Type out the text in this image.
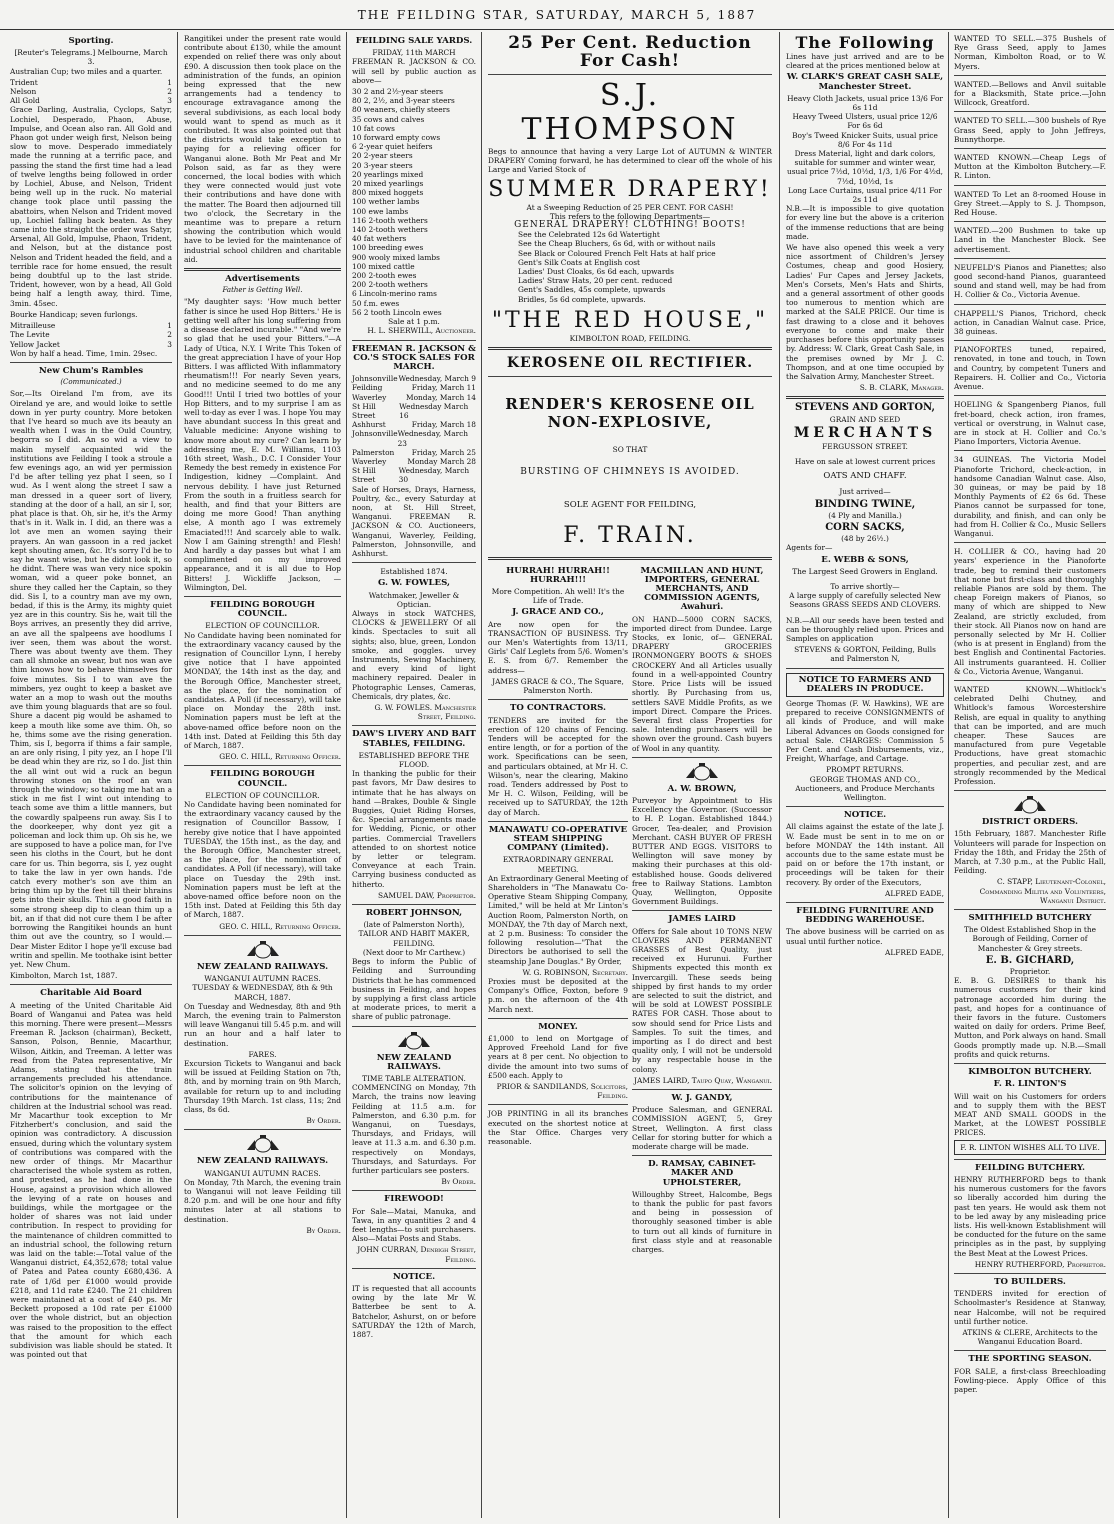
THE FEILDING STAR, SATURDAY, MARCH 5, 1887
Sporting.
[Reuter's Telegrams.] Melbourne, March 3.
Australian Cup; two miles and a quarter.
Trident	1
Nelson	2
All Gold	3
Grace Darling, Australia, Cyclops, Satyr, Lochiel, Desperado, Phaon, Abuse, Impulse, and Ocean also ran. All Gold and Phaon got under weigh first, Nelson being slow to move. Desperado immediately made the running at a terrific pace, and passing the stand the first time had a lead of twelve lengths being followed in order by Lochiel, Abuse, and Nelson, Trident being well up in the ruck. No material change took place until passing the abattoirs, when Nelson and Trident moved up, Lochiel falling back beaten. As they came into the straight the order was Satyr, Arsenal, All Gold, Impulse, Phaon, Trident, and Nelson, but at the distance post Nelson and Trident headed the field, and a terrible race for home ensued, the result being doubtful up to the last stride. Trident, however, won by a head, All Gold being half a length away, third. Time, 3min. 45sec.
Bourke Handicap; seven furlongs.
Mitrailleuse	1
The Levite	2
Yellow Jacket	3
Won by half a head. Time, 1min. 29sec.
New Chum's Rambles
(Communicated.)
Sor,—Its Oireland I'm from, ave its Oireland ye are, and would loike to settle down in yer purty country. More betoken that I've heard so much ave its beauty an wealth when I was in the Ould Country, begorra so I did. An so wid a view to makin myself acquainted wid the institutions ave Feilding I took a stroule a few evenings ago, an wid yer permission I'd be after telling yez phat I seen, so I wud. As I went along the street I saw a man dressed in a queer sort of livery, standing at the door of a hall, an sir I, sor, phat place is that. Oh, sir he, it's the Army that's in it. Walk in. I did, an there was a lot ave men an women saying their prayers. An wan gassoon in a red jacket kept shouting amen, &c. It's sorry I'd be to say he wasnt wise, but he didnt look it, so he didnt. There was wan very nice spokin woman, wid a queer poke bonnet, an shure they called her the Captain, so they did. Sis I, to a country man ave my own, bedad, if this is the Army, its mighty quiet yez are in this country. Sis he, wait till the Boys arrives, an presently they did arrive, an ave all the spalpeens ave hoodlums I iver seen, them was about the worst. There was about twenty ave them. They can all shmoke an swear, but nos wan ave thim knows how to behave thimselves for foive minutes. Sis I to wan ave the mimbers, yez ought to keep a basket ave water an a mop to wash out the mouths ave thim young blaguards that are so foul. Shure a dacent pig would be ashamed to keep a mouth like some ave thim. Oh, so he, thims some ave the rising generation. Thim, sis I, begorra if thims a fair sample, an are only rising, I pity yez, an I hope I'll be dead whin they are riz, so I do. Jist thin the all wint out wid a ruck an begun throwing stones on the roof an wan through the window; so taking me hat an a stick in me fist I wint out intending to teach some ave thim a little manners, but the cowardly spalpeens run away. Sis I to the doorkeeper, why dont yez git a policeman and lock thim up. Oh sis he, we are supposed to have a police man, for I've seen his cloths in the Court, but he dont care for us. Thin begorra, sis I, yez ought to take the law in yer own hands. I'de catch every mother's son ave thim an bring thim up by the feet till their bhrains gets into their skulls. Thin a good faith in some strong sheep dip to clean thim up a bit, an if that did not cure them I be after borrowing the Rangitikei hounds an hunt thim out ave the country, so I would.—Dear Mister Editor I hope ye'll excuse bad writin and spellin. Me toothake isint better yet. New Chum.
Kimbolton, March 1st, 1887.
Charitable Aid Board
A meeting of the United Charitable Aid Board of Wanganui and Patea was held this morning. There were present—Messrs Freeman R. Jackson (chairman), Beckett, Sanson, Polson, Bennie, Macarthur, Wilson, Aitkin, and Treeman. A letter was read from the Patea representative, Mr Adams, stating that the train arrangements precluded his attendance. The solicitor's opinion on the levying of contributions for the maintenance of children at the Industrial school was read. Mr Macarthur took exception to Mr Fitzherbert's conclusion, and said the opinion was contradictory. A discussion ensued, during which the voluntary system of contributions was compared with the new order of things. Mr Macarthur characterised the whole system as rotten, and protested, as he had done in the House, against a provision which allowed the levying of a rate on houses and buildings, while the mortgagee or the holder of shares was not laid under contribution. In respect to providing for the maintenance of children committed to an industrial school, the following return was laid on the table:—Total value of the Wanganui district, £4,352,678; total value of Patea and Patea county £680,436. A rate of 1/6d per £1000 would provide £218, and 11d rate £240. The 21 children were maintained at a cost of £40 ps. Mr Beckett proposed a 10d rate per £1000 over the whole district, but an objection was raised to the proposition to the effect that the amount for which each subdivision was liable should be stated. It was pointed out that
Rangitikei under the present rate would contribute about £130, while the amount expended on relief there was only about £90. A discussion then took place on the administration of the funds, an opinion being expressed that the new arrangements had a tendency to encourage extravagance among the several subdivisions, as each local body would want to spend as much as it contributed. It was also pointed out that the districts would take exception to paying for a relieving officer for Wanganui alone. Both Mr Peat and Mr Polson said, as far as they were concerned, the local bodies with which they were connected would just vote their contributions and have done with the matter. The Board then adjourned till two o'clock, the Secretary in the meantime was to prepare a return showing the contribution which would have to be levied for the maintenance of industrial school children and charitable aid.
Advertisements
Father is Getting Well.
"My daughter says: 'How much better father is since he used Hop Bitters.' He is getting well after his long suffering from a disease declared incurable." "And we're so glad that he used your Bitters."—A Lady of Utica, N.Y. I Write This Token of the great appreciation I have of your Hop Bitters. I was afflicted With inflammatory rheumatism!!! For nearly Seven years, and no medicine seemed to do me any Good!!! Until I tried two bottles of your Hop Bitters, and to my surprise I am as well to-day as ever I was. I hope You may have abundant success In this great and Valuable medicine: Anyone wishing to know more about my cure? Can learn by addressing me, E. M. Williams, 1103 16th street, Wash., D.C. I Consider Your Remedy the best remedy in existence For Indigestion, kidney —Complaint. And nervous debility. I have just Returned From the south in a fruitless search for health, and find that your Bitters are doing me more Good! Than anything else, A month ago I was extremely Emaciated!!! And scarcely able to walk. Now I am Gaining strength! and Flesh! And hardly a day passes but what I am complimented on my improved appearance, and it is all due to Hop Bitters! J. Wickliffe Jackson, —Wilmington, Del.
FEILDING BOROUGH COUNCIL.
ELECTION OF COUNCILLOR.
No Candidate having been nominated for the extraordinary vacancy caused by the resignation of Councillor Lynn, I hereby give notice that I have appointed MONDAY, the 14th inst as the day, and the Borough Office, Manchester street, as the place, for the nomination of candidates. A Poll (if necessary), will take place on Monday the 28th inst. Nomination papers must be left at the above-named office before noon on the 14th inst. Dated at Feilding this 5th day of March, 1887.
GEO. C. HILL, Returning Officer.
FEILDING BOROUGH COUNCIL.
ELECTION OF COUNCILLOR.
No Candidate having been nominated for the extraordinary vacancy caused by the resignation of Councillor Bassow, I hereby give notice that I have appointed TUESDAY, the 15th inst., as the day, and the Borough Office, Manchester street, as the place, for the nomination of candidates. A Poll (if necessary), will take place on Tuesday the 29th inst. Nomination papers must be left at the above-named office before noon on the 15th inst. Dated at Feilding this 5th day of March, 1887.
GEO. C. HILL, Returning Officer.
NEW ZEALAND RAILWAYS.
WANGANUI AUTUMN RACES.
TUESDAY & WEDNESDAY, 8th & 9th MARCH, 1887.
On Tuesday and Wednesday, 8th and 9th March, the evening train to Palmerston will leave Wanganui till 5.45 p.m. and will run an hour and a half later to destination.
FARES.
Excursion Tickets to Wanganui and back will be issued at Feilding Station on 7th, 8th, and by morning train on 9th March, available for return up to and including Thursday 19th March. 1st class, 11s; 2nd class, 8s 6d.
By Order.
NEW ZEALAND RAILWAYS.
WANGANUI AUTUMN RACES.
On Monday, 7th March, the evening train to Wanganui will not leave Feilding till 8.20 p.m. and will be one hour and fifty minutes later at all stations to destination.
By Order.
FEILDING SALE YARDS.
FRIDAY, 11th MARCH
FREEMAN R. JACKSON & CO. will sell by public auction as above—
30 2 and 2½-year steers
80 2, 2½, and 3-year steers
80 weaners, chiefly steers
35 cows and calves
10 fat cows
10 forward empty cows
6 2-year quiet heifers
20 2-year steers
20 3-year steers
20 yearlings mixed
20 mixed yearlings
800 mixed hoggets
100 wether lambs
100 ewe lambs
116 2-tooth wethers
140 2-tooth wethers
40 fat wethers
100 breeding ewes
900 wooly mixed lambs
100 mixed cattle
200 2-tooth ewes
200 2-tooth wethers
6 Lincoln-merino rams
50 f.m. ewes
56 2 tooth Lincoln ewes
Sale at 1 p.m.
H. L. SHERWILL, Auctioneer.
FREEMAN R. JACKSON & CO.'S STOCK SALES FOR MARCH.
Johnsonville Wednesday, March 9
Feilding	Friday, March 11
Waverley	Monday, March 14
St Hill Street
Wednesday March 16
Ashhurst	Friday, March 18
Johnsonville Wednesday, March 23
Palmerston Friday, March 25
Waverley	Monday March 28
St Hill Street
Wednesday, March 30
Sale of Horses, Drays, Harness, Poultry, &c., every Saturday at noon, at St. Hill Street, Wanganui. FREEMAN R. JACKSON & CO. Auctioneers, Wanganui, Waverley, Feilding, Palmerston, Johnsonville, and Ashhurst.
Established 1874.
G. W. FOWLES,
Watchmaker, Jeweller & Optician.
Always in stock WATCHES, CLOCKS & JEWELLERY Of all kinds. Spectacles to suit all sights; also, blue, green, London smoke, and goggles. urvey Instruments, Sewing Machinery, and every kind of light machinery repaired. Dealer in Photographic Lenses, Cameras, Chemicals, dry plates, &c.
G. W. FOWLES. Manchester Street, Feilding.
DAW'S LIVERY AND BAIT STABLES, FEILDING.
ESTABLISHED BEFORE THE FLOOD.
In thanking the public for their past favors, Mr Daw desires to intimate that he has always on hand —Brakes, Double & Single Buggies, Quiet Riding Horses, &c. Special arrangements made for Wedding, Picnic, or other parties. Commercial Travellers attended to on shortest notice by letter or telegram. Conveyance at each Train. Carrying business conducted as hitherto.
SAMUEL DAW, Proprietor.
ROBERT JOHNSON,
(late of Palmerston North), TAILOR AND HABIT MAKER, FEILDING.
(Next door to Mr Carthew.)
Begs to inform the Public of Feilding and Surrounding Districts that he has commenced business in Feilding, and hopes by supplying a first class article at moderate prices, to merit a share of public patronage.
NEW ZEALAND RAILWAYS.
TIME TABLE ALTERATION.
COMMENCING on Monday, 7th March, the trains now leaving Feilding at 11.5 a.m. for Palmerston, and 6.30 p.m. for Wanganui, on Tuesdays, Thursdays, and Fridays, will leave at 11.3 a.m. and 6.30 p.m. respectively on Mondays, Thursdays, and Saturdays. For further particulars see posters.
By Order.
FIREWOOD!
For Sale—Matai, Manuka, and Tawa, in any quantities 2 and 4 feet lengths—to suit purchasers. Also—Matai Posts and Stabs.
JOHN CURRAN, Denbigh Street, Feilding.
NOTICE.
IT is requested that all accounts owing by the late Mr W. Batterbee be sent to A. Batchelor, Ashurst, on or before SATURDAY the 12th of March, 1887.
25 Per Cent. Reduction For Cash!
S.J. THOMPSON
Begs to announce that having a very Large Lot of AUTUMN & WINTER DRAPERY Coming forward, he has determined to clear off the whole of his Large and Varied Stock of
SUMMER DRAPERY!
At a Sweeping Reduction of 25 PER CENT. FOR CASH!
This refers to the following Departments—
GENERAL DRAPERY! CLOTHING! BOOTS!
See the Celebrated 12s 6d Watertight
See the Cheap Bluchers, 6s 6d, with or without nails
See Black or Coloured French Felt Hats at half price
Gent's Silk Coats at English cost
Ladies' Dust Cloaks, 6s 6d each, upwards
Ladies' Straw Hats, 20 per cent. reduced
Gent's Saddles, 45s complete, upwards
Bridles, 5s 6d complete, upwards.
"THE RED HOUSE,"
KIMBOLTON ROAD, FEILDING.
KEROSENE OIL RECTIFIER.
RENDER'S KEROSENE OIL NON-EXPLOSIVE,
SO THAT
BURSTING OF CHIMNEYS IS AVOIDED.
SOLE AGENT FOR FEILDING,
F. TRAIN.
HURRAH! HURRAH!! HURRAH!!!
More Competition. Ah well! It's the Life of Trade.
J. GRACE AND CO.,
Are now open for the TRANSACTION OF BUSINESS. Try our Men's Watertights from 13/11, Girls' Calf Leglets from 5/6. Women's E. S. from 6/7. Remember the address—
JAMES GRACE & CO., The Square, Palmerston North.
TO CONTRACTORS.
TENDERS are invited for the erection of 120 chains of Fencing. Tenders will be accepted for the entire length, or for a portion of the work. Specifications can be seen, and particulars obtained, at Mr H. C. Wilson's, near the clearing, Makino road. Tenders addressed by Post to Mr H. C. Wilson, Feilding, will be received up to SATURDAY, the 12th day of March.
MANAWATU CO-OPERATIVE STEAM SHIPPING COMPANY (Limited).
EXTRAORDINARY GENERAL MEETING.
An Extraordinary General Meeting of Shareholders in "The Manawatu Co-Operative Steam Shipping Company, Limited," will be held at Mr Linton's Auction Room, Palmerston North, on MONDAY, the 7th day of March next, at 2 p.m. Business: To consider the following resolution—"That the Directors be authorised to sell the steamship Jane Douglas." By Order,
W. G. ROBINSON, Secretary.
Proxies must be deposited at the Company's Office, Foxton, before 9 p.m. on the afternoon of the 4th March next.
MONEY.
£1,000 to lend on Mortgage of Approved Freehold Land for five years at 8 per cent. No objection to divide the amount into two sums of £500 each. Apply to
PRIOR & SANDILANDS, Solicitors, Feilding.
JOB PRINTING in all its branches executed on the shortest notice at the Star Office. Charges very reasonable.
MACMILLAN AND HUNT, IMPORTERS, GENERAL MERCHANTS, AND COMMISSION AGENTS, Awahuri.
ON HAND—5000 CORN SACKS, imported direct from Dundee. Large Stocks, ex Ionic, of— GENERAL DRAPERY GROCERIES IRONMONGERY BOOTS & SHOES CROCKERY And all Articles usually found in a well-appointed Country Store. Price Lists will be issued shortly. By Purchasing from us, settlers SAVE Middle Profits, as we import Direct. Compare the Prices. Several first class Properties for sale. Intending purchasers will be shown over the ground. Cash buyers of Wool in any quantity.
A. W. BROWN,
Purveyor by Appointment to His Excellency the Governor. (Successor to H. P. Logan. Established 1844.) Grocer, Tea-dealer, and Provision Merchant. CASH BUYER OF FRESH BUTTER AND EGGS. VISITORS to Wellington will save money by making their purchases at this old-established house. Goods delivered free to Railway Stations. Lambton Quay, Wellington, Opposite Government Buildings.
JAMES LAIRD
Offers for Sale about 10 TONS NEW CLOVERS AND PERMANENT GRASSES of Best Quality, just received ex Hurunui. Further Shipments expected this month ex Invercargill. These seeds being shipped by first hands to my order are selected to suit the district, and will be sold at LOWEST POSSIBLE RATES FOR CASH. Those about to sow should send for Price Lists and Samples. To suit the times, and importing as I do direct and best quality only, I will not be undersold by any respectable house in the colony.
JAMES LAIRD, Taupo Quay, Wanganui.
W. J. GANDY,
Produce Salesman, and GENERAL COMMISSION AGENT, 5, Grey Street, Wellington. A first class Cellar for storing butter for which a moderate charge will be made.
D. RAMSAY, CABINET-MAKER AND UPHOLSTERER,
Willoughby Street, Halcombe, Begs to thank the public for past favors and being in possession of thoroughly seasoned timber is able to turn out all kinds of furniture in first class style and at reasonable charges.
The Following
Lines have just arrived and are to be cleared at the prices mentioned below at
W. CLARK'S GREAT CASH SALE, Manchester Street.
Heavy Cloth Jackets, usual price 13/6 For 6s 11d
Heavy Tweed Ulsters, usual price 12/6 For 6s 6d
Boy's Tweed Knicker Suits, usual price 8/6 For 4s 11d
Dress Material, light and dark colors, suitable for summer and winter wear, usual price 7½d, 10½d, 1/3, 1/6 For 4½d, 7½d, 10½d, 1s
Long Lace Curtains, usual price 4/11 For 2s 11d
N.B.—It is impossible to give quotation for every line but the above is a criterion of the immense reductions that are being made.
We have also opened this week a very nice assortment of Children's Jersey Costumes, cheap and good Hosiery, Ladies' Fur Capes and Jersey Jackets, Men's Corsets, Men's Hats and Shirts, and a general assortment of other goods too numerous to mention which are marked at the SALE PRICE. Our time is fast drawing to a close and it behoves everyone to come and make their purchases before this opportunity passes by. Address: W. Clark, Great Cash Sale, in the premises owned by Mr J. C. Thompson, and at one time occupied by the Salvation Army, Manchester Street.
S. B. CLARK, Manager.
STEVENS AND GORTON,
GRAIN AND SEED
MERCHANTS
FERGUSSON STREET.
Have on sale at lowest current prices
OATS AND CHAFF.
Just arrived—
BINDING TWINE,
(4 Ply and Manilla.)
CORN SACKS,
(48 by 26½.)
Agents for—
E. WEBB & SONS,
The Largest Seed Growers in England.
To arrive shortly—
A large supply of carefully selected New Seasons GRASS SEEDS AND CLOVERS.
N.B.—All our seeds have been tested and can be thoroughly relied upon. Prices and Samples on application
STEVENS & GORTON, Feilding, Bulls and Palmerston N,
NOTICE TO FARMERS AND DEALERS IN PRODUCE.
George Thomas (F. W. Hawkins), WE are prepared to receive CONSIGNMENTS of all kinds of Produce, and will make Liberal Advances on Goods consigned for actual Sale. CHARGES: Commission 5 Per Cent. and Cash Disbursements, viz., Freight, Wharfage, and Cartage.
PROMPT RETURNS.
GEORGE THOMAS AND CO., Auctioneers, and Produce Merchants Wellington.
NOTICE.
All claims against the estate of the late J. W. Eade must be sent in to me on or before MONDAY the 14th instant. All accounts due to the same estate must be paid on or before the 17th instant, or proceedings will be taken for their recovery. By order of the Executors,
ALFRED EADE,
FEILDING FURNITURE AND BEDDING WAREHOUSE.
The above business will be carried on as usual until further notice.
ALFRED EADE,
WANTED TO SELL.—375 Bushels of Rye Grass Seed, apply to James Norman, Kimbolton Road, or to W. Myers.
WANTED.—Bellows and Anvil suitable for a Blacksmith, State price.—John Willcock, Greatford.
WANTED TO SELL.—300 bushels of Rye Grass Seed, apply to John Jeffreys, Bunnythorpe.
WANTED KNOWN.—Cheap Legs of Mutton at the Kimbolton Butchery.—F. R. Linton.
WANTED To Let an 8-roomed House in Grey Street.—Apply to S. J. Thompson, Red House.
WANTED.—200 Bushmen to take up Land in the Manchester Block. See advertisement.
NEUFELD'S Pianos and Pianettes; also good second-hand Pianos, guaranteed sound and stand well, may be had from H. Collier & Co., Victoria Avenue.
CHAPPELL'S Pianos, Trichord, check action, in Canadian Walnut case. Price, 38 guineas.
PIANOFORTES tuned, repaired, renovated, in tone and touch, in Town and Country, by competent Tuners and Repairers. H. Collier and Co., Victoria Avenue.
HOELING & Spangenberg Pianos, full fret-board, check action, iron frames, vertical or overstrung, in Walnut case, are in stock at H. Collier and Co.'s Piano Importers, Victoria Avenue.
34 GUINEAS. The Victoria Model Pianoforte Trichord, check-action, in handsome Canadian Walnut case. Also, 30 guineas, or may be paid by 18 Monthly Payments of £2 6s 6d. These Pianos cannot be surpassed for tone, durability, and finish, and can only be had from H. Collier & Co., Music Sellers Wanganui.
H. COLLIER & CO., having had 20 years' experience in the Pianoforte trade, beg to remind their customers that none but first-class and thoroughly reliable Pianos are sold by them. The cheap Foreign makers of Pianos, so many of which are shipped to New Zealand, are strictly excluded, from their stock. All Pianos now on hand are personally selected by Mr H. Collier (who is at present in England) from the best English and Continental Factories. All instruments guaranteed. H. Collier & Co., Victoria Avenue, Wanganui.
WANTED KNOWN.—Whitlock's celebrated Delhi Chutney, and Whitlock's famous Worcestershire Relish, are equal in quality to anything that can be imported, and are much cheaper. These Sauces are manufactured from pure Vegetable Productions, have great stomachic properties, and peculiar zest, and are strongly recommended by the Medical Profession.
DISTRICT ORDERS.
15th February, 1887. Manchester Rifle Volunteers will parade for Inspection on Friday the 18th, and Friday the 25th of March, at 7.30 p.m., at the Public Hall, Feilding.
C. STAPP, Lieutenant-Colonel, Commanding Militia and Volunteers, Wanganui District.
SMITHFIELD BUTCHERY
The Oldest Established Shop in the Borough of Feilding, Corner of Manchester & Grey streets.
E. B. GICHARD,
Proprietor.
E. B. G. DESIRES to thank his numerous customers for their kind patronage accorded him during the past, and hopes for a continuance of their favors in the future. Customers waited on daily for orders. Prime Beef, Mutton, and Pork always on hand. Small Goods promptly made up. N.B.—Small profits and quick returns.
KIMBOLTON BUTCHERY.
F. R. LINTON'S
Will wait on his Customers for orders and to supply them with the BEST MEAT AND SMALL GOODS in the Market, at the LOWEST POSSIBLE PRICES.
F. R. LINTON WISHES ALL TO LIVE.
FEILDING BUTCHERY.
HENRY RUTHERFORD begs to thank his numerous customers for the favors so liberally accorded him during the past ten years. He would ask them not to be led away by any misleading price lists. His well-known Establishment will be conducted for the future on the same principles as in the past, by supplying the Best Meat at the Lowest Prices.
HENRY RUTHERFORD, Proprietor.
TO BUILDERS.
TENDERS invited for erection of Schoolmaster's Residence at Stanway, near Halcombe, will not be required until further notice.
ATKINS & CLERE, Architects to the Wanganui Education Board.
THE SPORTING SEASON.
FOR SALE, a first-class Breechloading Fowling-piece. Apply Office of this paper.
